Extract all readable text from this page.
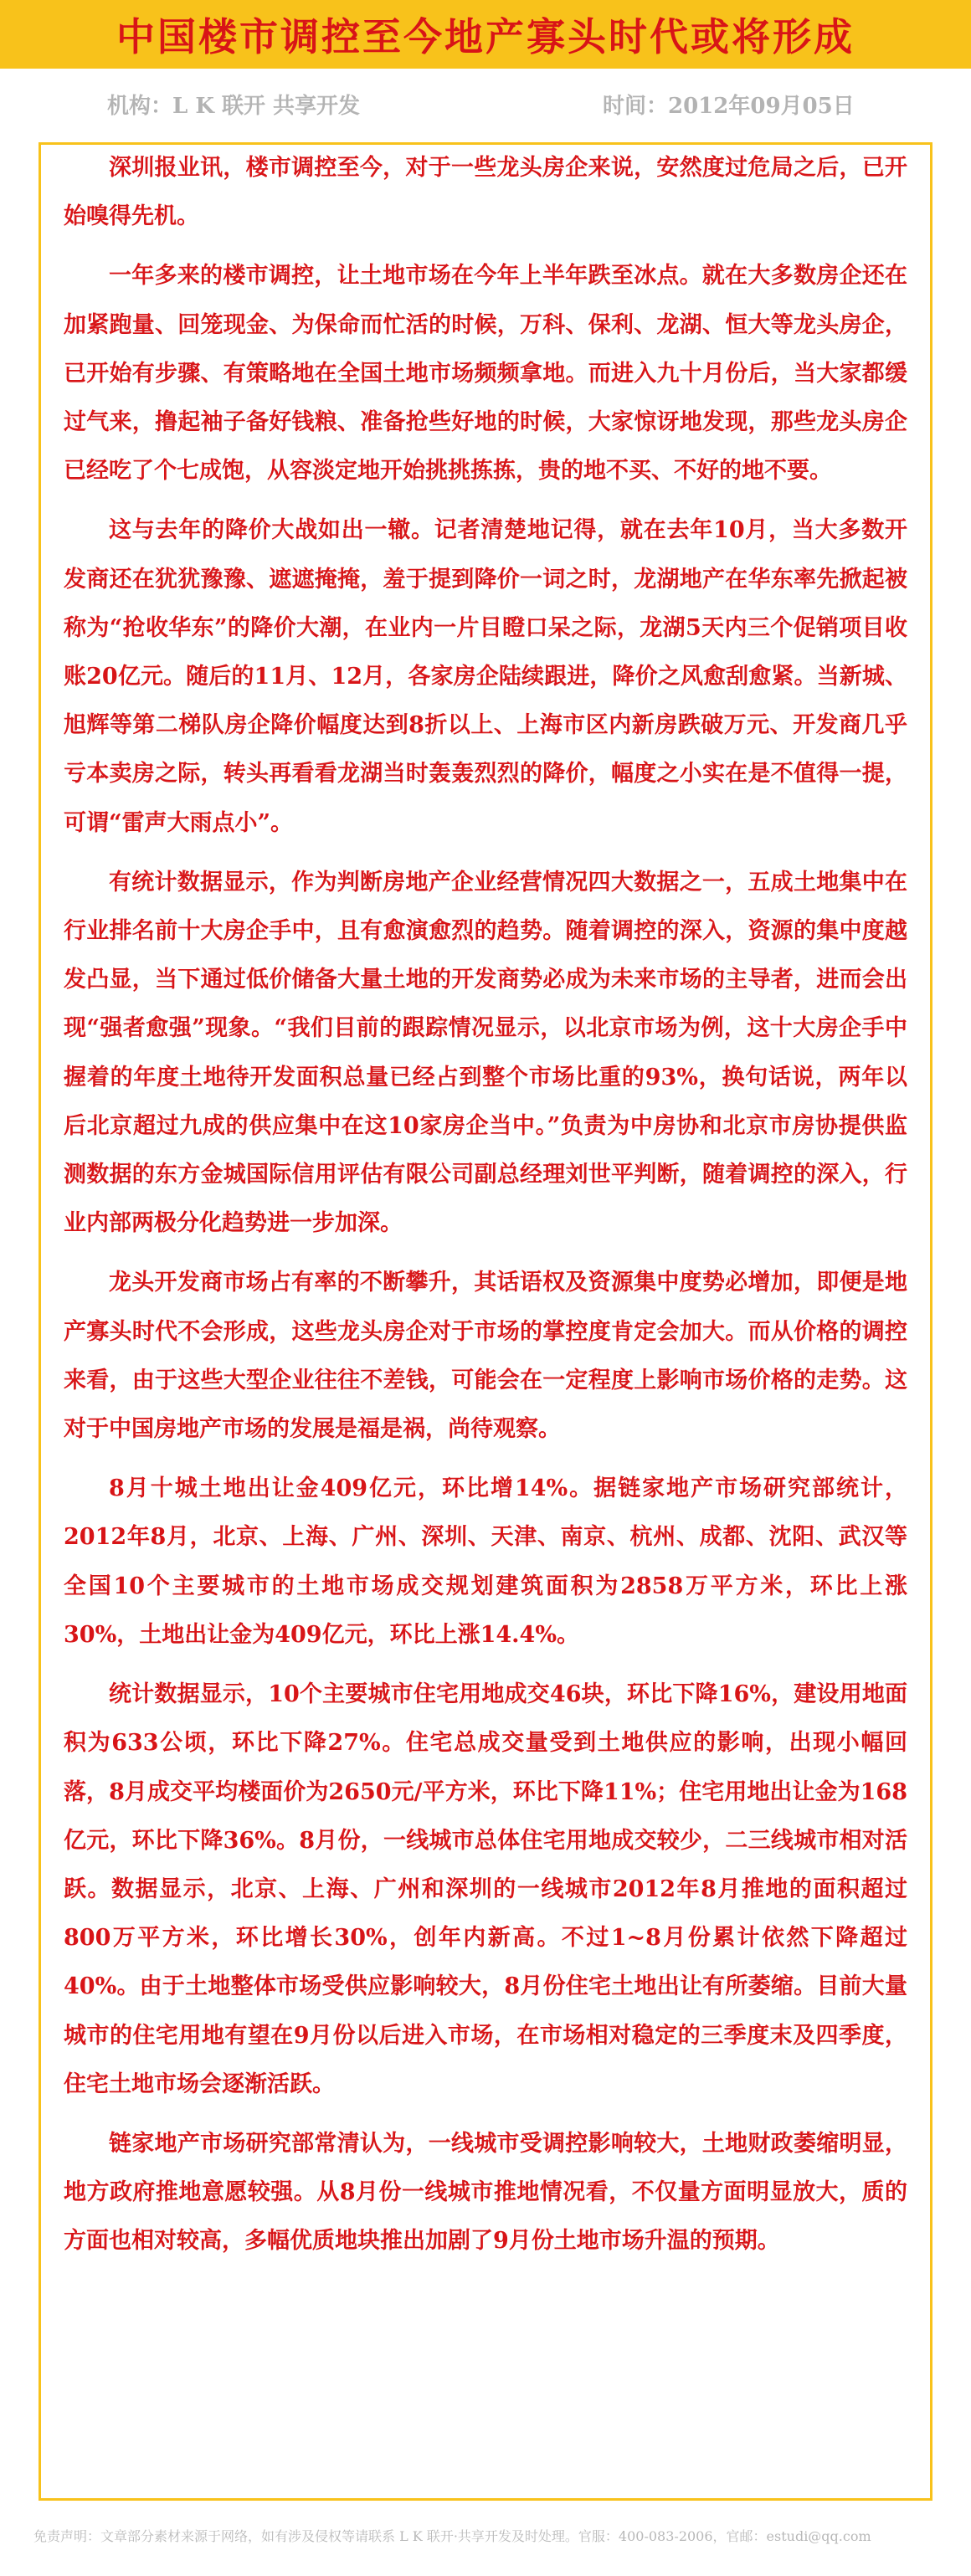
中国楼市调控至今地产寡头时代或将形成
机构：L K 联开 共享开发	时间：2012年09月05日

深圳报业讯，楼市调控至今，对于一些龙头房企来说，安然度过危局之后，已开始嗅得先机。

一年多来的楼市调控，让土地市场在今年上半年跌至冰点。就在大多数房企还在加紧跑量、回笼现金、为保命而忙活的时候，万科、保利、龙湖、恒大等龙头房企，已开始有步骤、有策略地在全国土地市场频频拿地。而进入九十月份后，当大家都缓过气来，撸起袖子备好钱粮、准备抢些好地的时候，大家惊讶地发现，那些龙头房企已经吃了个七成饱，从容淡定地开始挑挑拣拣，贵的地不买、不好的地不要。

这与去年的降价大战如出一辙。记者清楚地记得，就在去年10月，当大多数开发商还在犹犹豫豫、遮遮掩掩，羞于提到降价一词之时，龙湖地产在华东率先掀起被称为“抢收华东”的降价大潮，在业内一片目瞪口呆之际，龙湖5天内三个促销项目收账20亿元。随后的11月、12月，各家房企陆续跟进，降价之风愈刮愈紧。当新城、旭辉等第二梯队房企降价幅度达到8折以上、上海市区内新房跌破万元、开发商几乎亏本卖房之际，转头再看看龙湖当时轰轰烈烈的降价，幅度之小实在是不值得一提，可谓“雷声大雨点小”。

有统计数据显示，作为判断房地产企业经营情况四大数据之一，五成土地集中在行业排名前十大房企手中，且有愈演愈烈的趋势。随着调控的深入，资源的集中度越发凸显，当下通过低价储备大量土地的开发商势必成为未来市场的主导者，进而会出现“强者愈强”现象。“我们目前的跟踪情况显示，以北京市场为例，这十大房企手中握着的年度土地待开发面积总量已经占到整个市场比重的93%，换句话说，两年以后北京超过九成的供应集中在这10家房企当中。”负责为中房协和北京市房协提供监测数据的东方金城国际信用评估有限公司副总经理刘世平判断，随着调控的深入，行业内部两极分化趋势进一步加深。

龙头开发商市场占有率的不断攀升，其话语权及资源集中度势必增加，即便是地产寡头时代不会形成，这些龙头房企对于市场的掌控度肯定会加大。而从价格的调控来看，由于这些大型企业往往不差钱，可能会在一定程度上影响市场价格的走势。这对于中国房地产市场的发展是福是祸，尚待观察。

8月十城土地出让金409亿元，环比增14%。据链家地产市场研究部统计，2012年8月，北京、上海、广州、深圳、天津、南京、杭州、成都、沈阳、武汉等全国10个主要城市的土地市场成交规划建筑面积为2858万平方米，环比上涨30%，土地出让金为409亿元，环比上涨14.4%。

统计数据显示，10个主要城市住宅用地成交46块，环比下降16%，建设用地面积为633公顷，环比下降27%。住宅总成交量受到土地供应的影响，出现小幅回落，8月成交平均楼面价为2650元/平方米，环比下降11%；住宅用地出让金为168亿元，环比下降36%。8月份，一线城市总体住宅用地成交较少，二三线城市相对活跃。数据显示，北京、上海、广州和深圳的一线城市2012年8月推地的面积超过800万平方米，环比增长30%，创年内新高。不过1~8月份累计依然下降超过40%。由于土地整体市场受供应影响较大，8月份住宅土地出让有所萎缩。目前大量城市的住宅用地有望在9月份以后进入市场，在市场相对稳定的三季度末及四季度，住宅土地市场会逐渐活跃。

链家地产市场研究部常清认为，一线城市受调控影响较大，土地财政萎缩明显，地方政府推地意愿较强。从8月份一线城市推地情况看，不仅量方面明显放大，质的方面也相对较高，多幅优质地块推出加剧了9月份土地市场升温的预期。

免责声明：文章部分素材来源于网络，如有涉及侵权等请联系 L K 联开·共享开发及时处理。官服：400-083-2006，官邮：estudi@qq.com
